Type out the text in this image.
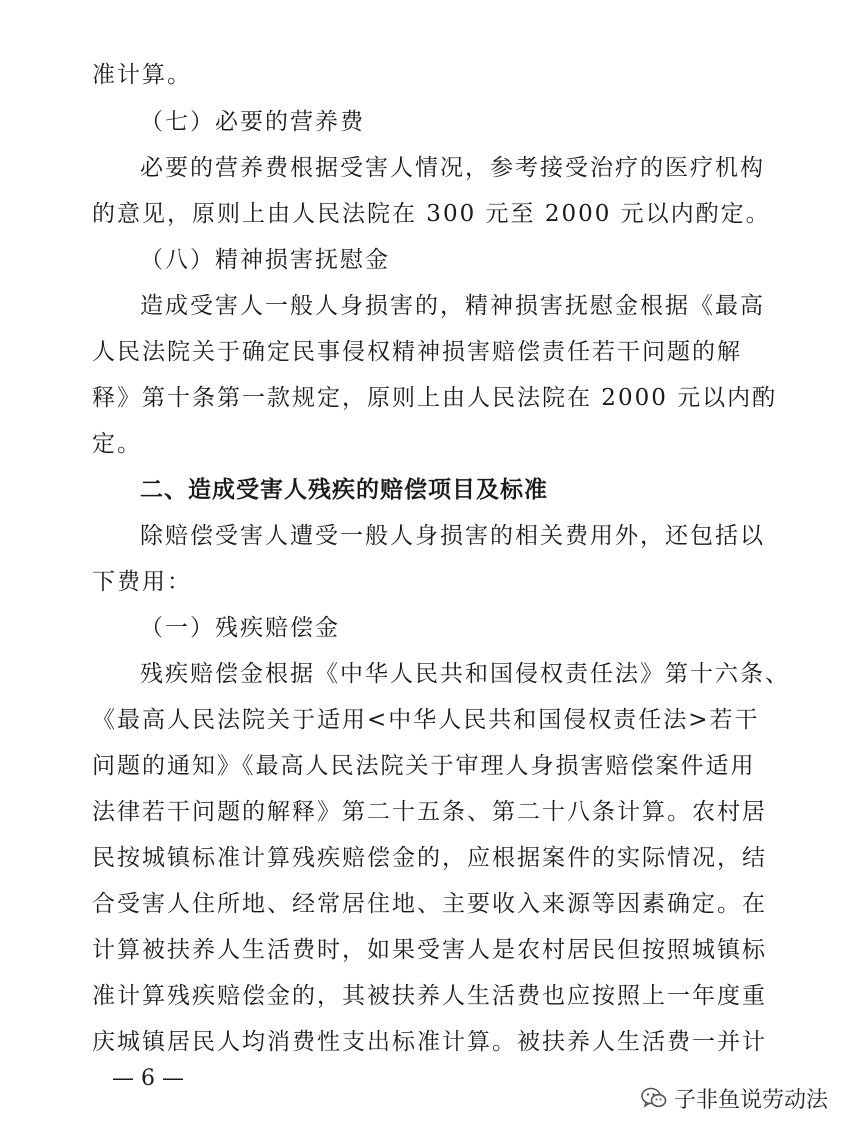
准计算。
（七）必要的营养费
必要的营养费根据受害人情况，参考接受治疗的医疗机构
的意见，原则上由人民法院在 300 元至 2000 元以内酌定。
（八）精神损害抚慰金
造成受害人一般人身损害的，精神损害抚慰金根据《最高
人民法院关于确定民事侵权精神损害赔偿责任若干问题的解
释》第十条第一款规定，原则上由人民法院在 2000 元以内酌
定。
二、造成受害人残疾的赔偿项目及标准
除赔偿受害人遭受一般人身损害的相关费用外，还包括以
下费用：
（一）残疾赔偿金
残疾赔偿金根据《中华人民共和国侵权责任法》第十六条、
《最高人民法院关于适用<中华人民共和国侵权责任法>若干
问题的通知》《最高人民法院关于审理人身损害赔偿案件适用
法律若干问题的解释》第二十五条、第二十八条计算。农村居
民按城镇标准计算残疾赔偿金的，应根据案件的实际情况，结
合受害人住所地、经常居住地、主要收入来源等因素确定。在
计算被扶养人生活费时，如果受害人是农村居民但按照城镇标
准计算残疾赔偿金的，其被扶养人生活费也应按照上一年度重
庆城镇居民人均消费性支出标准计算。被扶养人生活费一并计
— 6 —
子非鱼说劳动法
